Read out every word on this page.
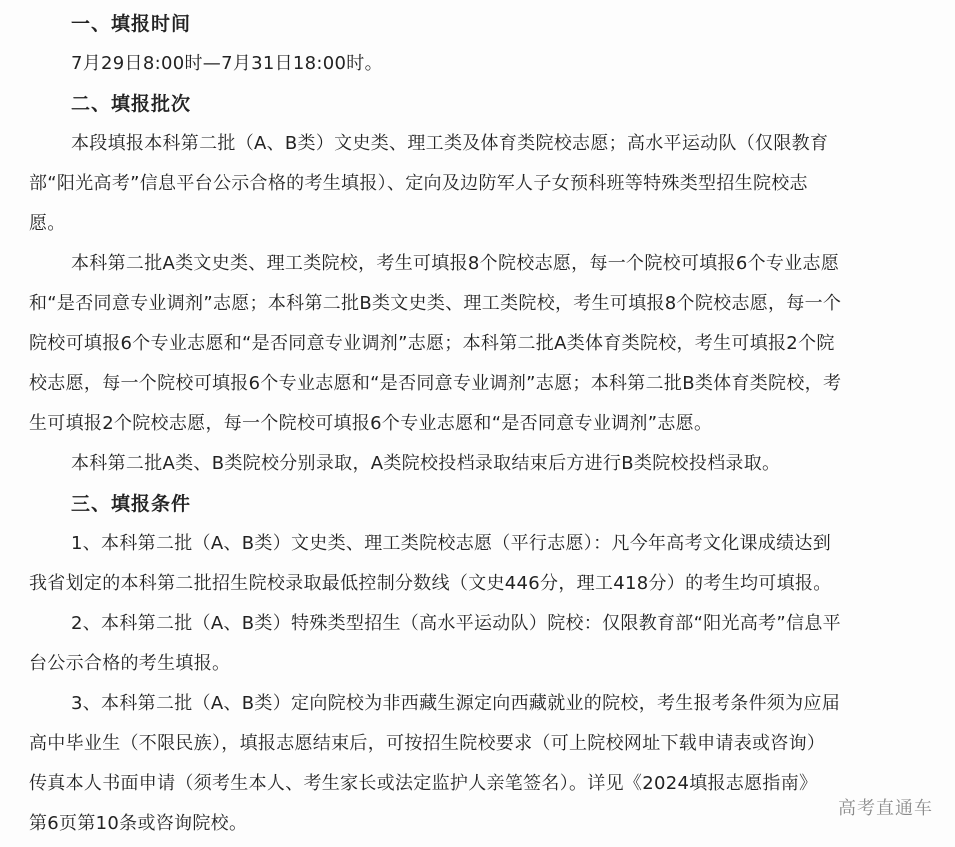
一、填报时间

7月29日8:00时—7月31日18:00时。

二、填报批次

本段填报本科第二批（A、B类）文史类、理工类及体育类院校志愿；高水平运动队（仅限教育

部“阳光高考”信息平台公示合格的考生填报）、定向及边防军人子女预科班等特殊类型招生院校志

愿。

本科第二批A类文史类、理工类院校，考生可填报8个院校志愿，每一个院校可填报6个专业志愿

和“是否同意专业调剂”志愿；本科第二批B类文史类、理工类院校，考生可填报8个院校志愿，每一个

院校可填报6个专业志愿和“是否同意专业调剂”志愿；本科第二批A类体育类院校，考生可填报2个院

校志愿，每一个院校可填报6个专业志愿和“是否同意专业调剂”志愿；本科第二批B类体育类院校，考

生可填报2个院校志愿，每一个院校可填报6个专业志愿和“是否同意专业调剂”志愿。

本科第二批A类、B类院校分别录取，A类院校投档录取结束后方进行B类院校投档录取。

三、填报条件

1、本科第二批（A、B类）文史类、理工类院校志愿（平行志愿）：凡今年高考文化课成绩达到

我省划定的本科第二批招生院校录取最低控制分数线（文史446分，理工418分）的考生均可填报。

2、本科第二批（A、B类）特殊类型招生（高水平运动队）院校：仅限教育部“阳光高考”信息平

台公示合格的考生填报。

3、本科第二批（A、B类）定向院校为非西藏生源定向西藏就业的院校，考生报考条件须为应届

高中毕业生（不限民族），填报志愿结束后，可按招生院校要求（可上院校网址下载申请表或咨询）

传真本人书面申请（须考生本人、考生家长或法定监护人亲笔签名）。详见《2024填报志愿指南》

第6页第10条或咨询院校。

高考直通车
